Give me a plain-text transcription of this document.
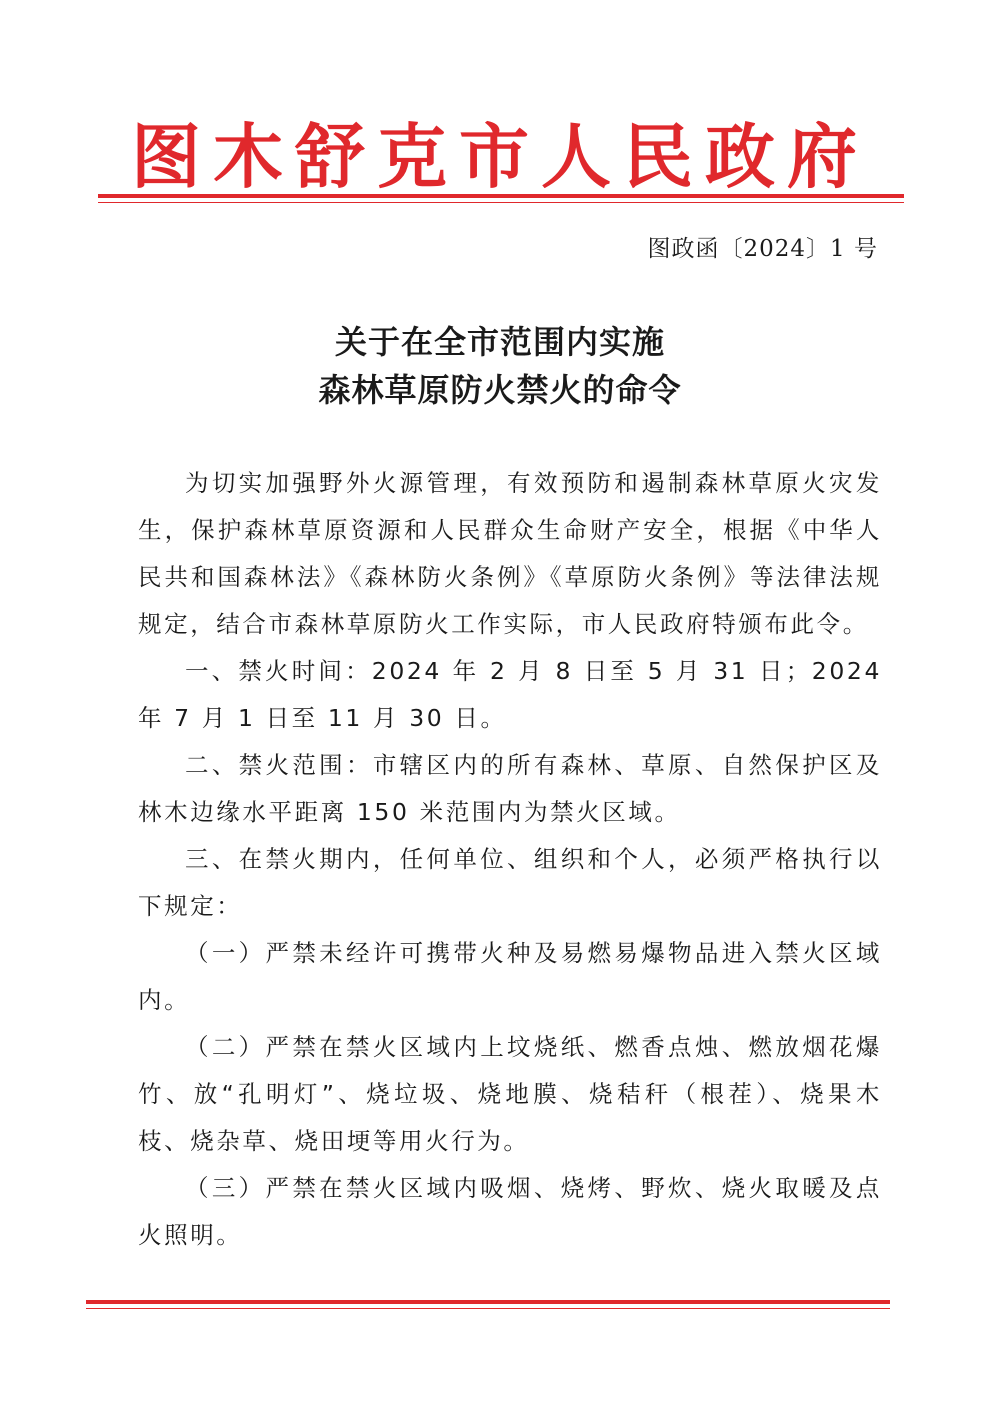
图木舒克市人民政府
图政函〔2024〕1 号
关于在全市范围内实施
森林草原防火禁火的命令

为切实加强野外火源管理，有效预防和遏制森林草原火灾发生，保护森林草原资源和人民群众生命财产安全，根据《中华人民共和国森林法》《森林防火条例》《草原防火条例》等法律法规规定，结合市森林草原防火工作实际，市人民政府特颁布此令。

一、禁火时间：2024 年 2 月 8 日至 5 月 31 日；2024 年 7 月 1 日至 11 月 30 日。

二、禁火范围：市辖区内的所有森林、草原、自然保护区及林木边缘水平距离 150 米范围内为禁火区域。

三、在禁火期内，任何单位、组织和个人，必须严格执行以下规定：

（一）严禁未经许可携带火种及易燃易爆物品进入禁火区域内。

（二）严禁在禁火区域内上坟烧纸、燃香点烛、燃放烟花爆竹、放“孔明灯”、烧垃圾、烧地膜、烧秸秆（根茬）、烧果木枝、烧杂草、烧田埂等用火行为。

（三）严禁在禁火区域内吸烟、烧烤、野炊、烧火取暖及点火照明。
